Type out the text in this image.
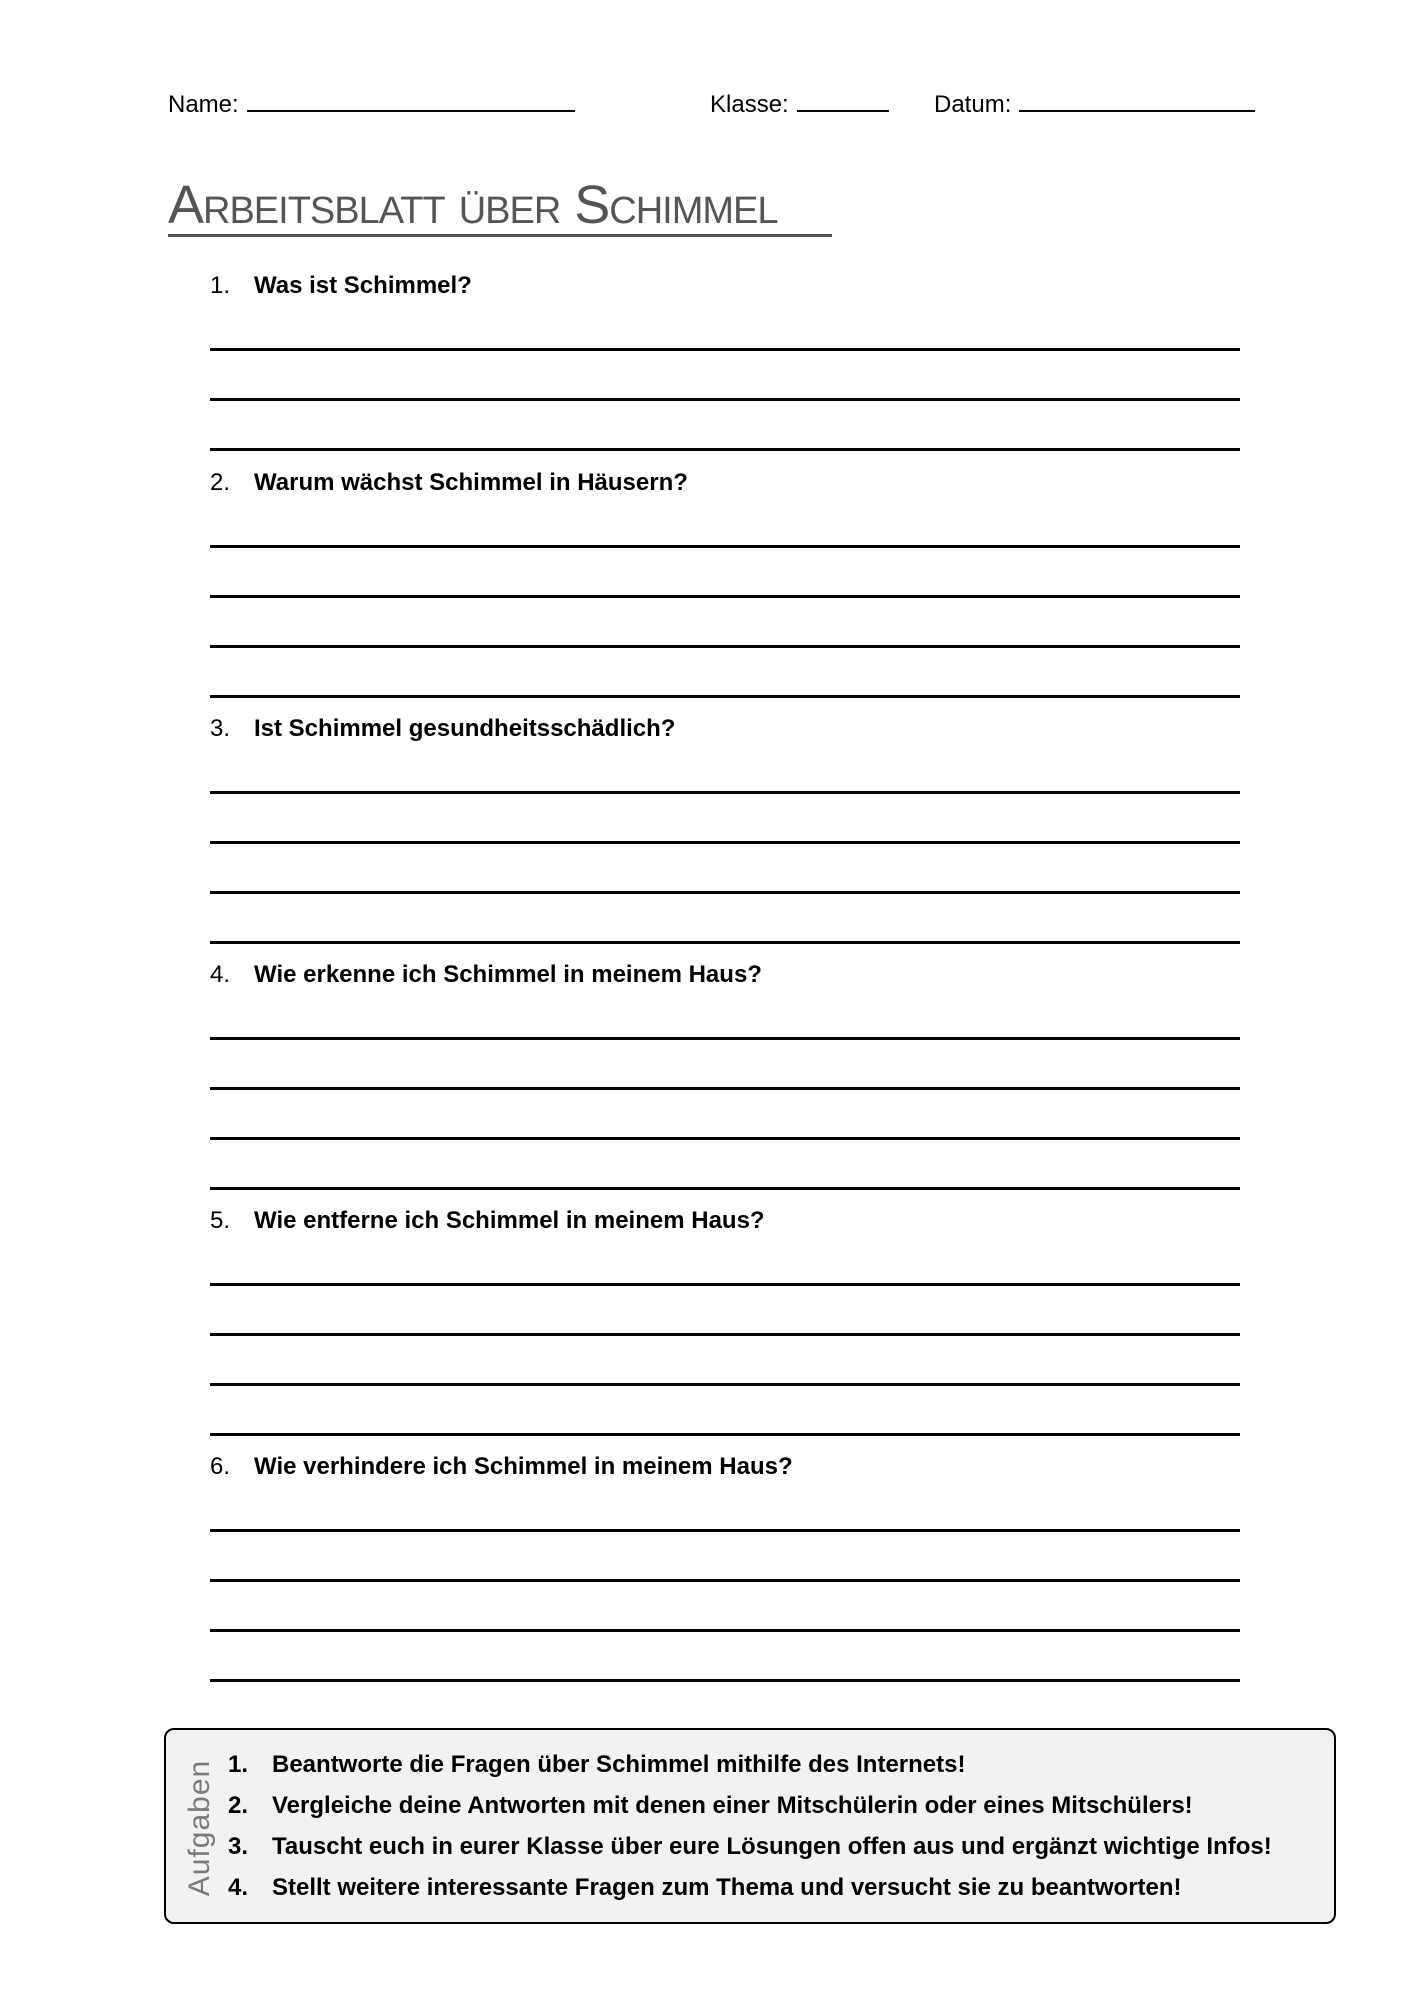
Name:	Klasse:	Datum:
Arbeitsblatt über Schimmel
1. Was ist Schimmel?
2. Warum wächst Schimmel in Häusern?
3. Ist Schimmel gesundheitsschädlich?
4. Wie erkenne ich Schimmel in meinem Haus?
5. Wie entferne ich Schimmel in meinem Haus?
6. Wie verhindere ich Schimmel in meinem Haus?
Aufgaben 1. Beantworte die Fragen über Schimmel mithilfe des Internets!
2. Vergleiche deine Antworten mit denen einer Mitschülerin oder eines Mitschülers!
3. Tauscht euch in eurer Klasse über eure Lösungen offen aus und ergänzt wichtige Infos!
4. Stellt weitere interessante Fragen zum Thema und versucht sie zu beantworten!
